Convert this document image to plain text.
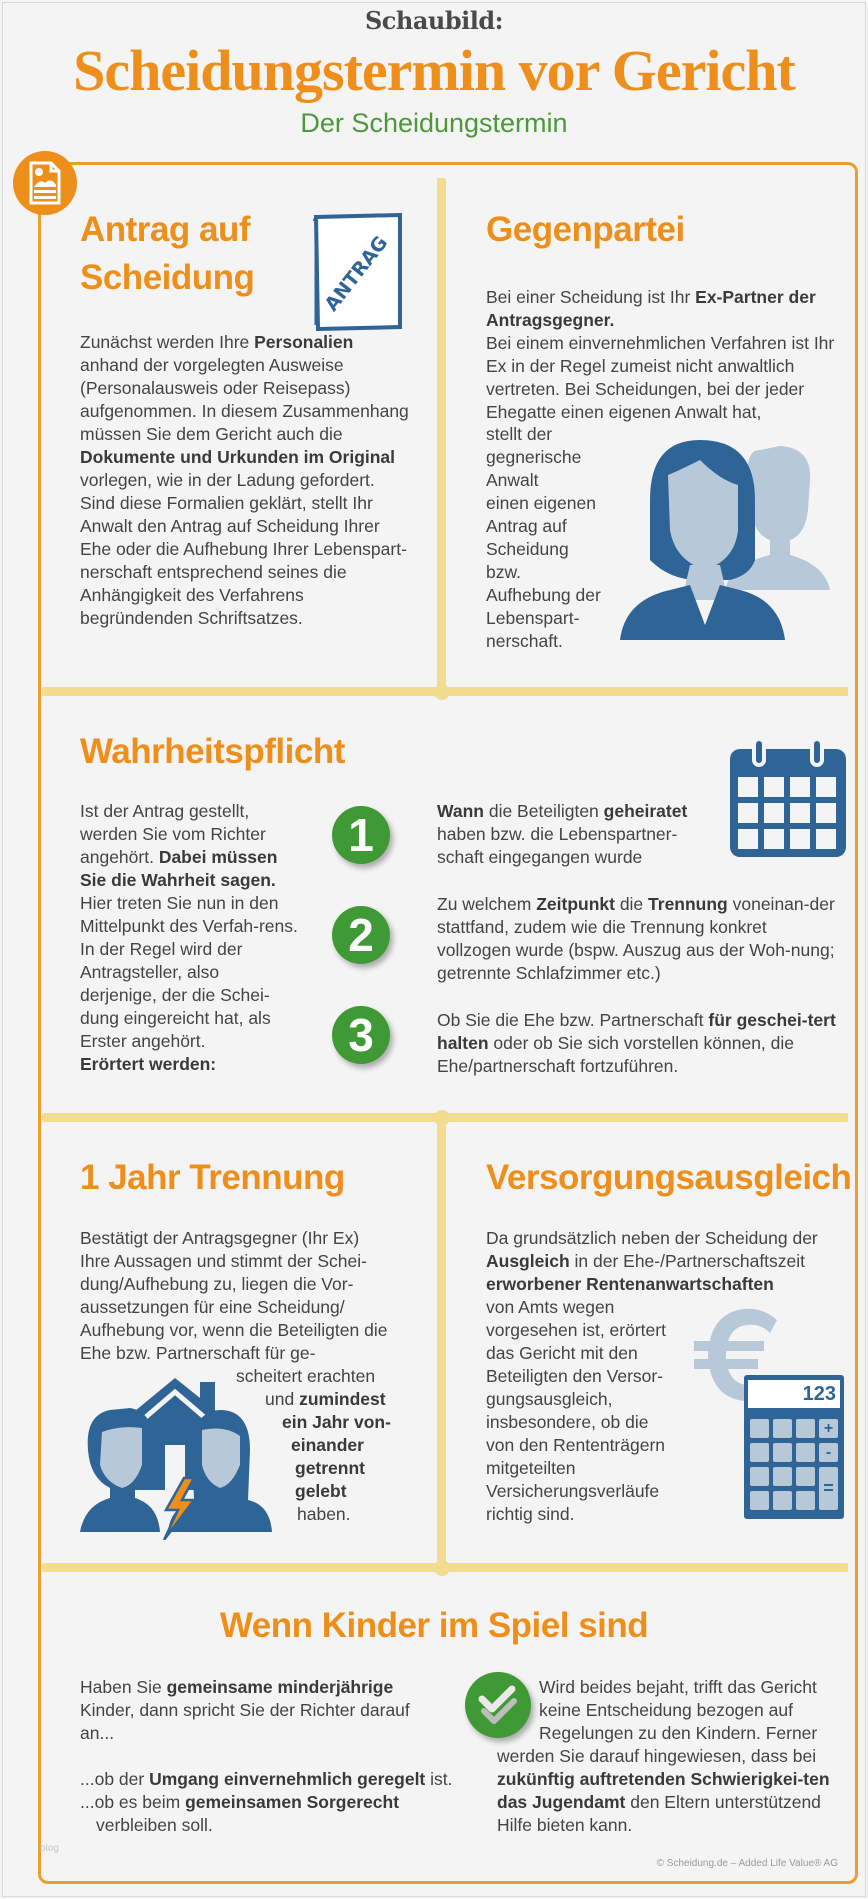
Schaubild:
Scheidungstermin vor Gericht
Der Scheidungstermin
Antrag auf
Scheidung	ANTRAG
Zunächst werden Ihre Personalien anhand der vorgelegten Ausweise (Personalausweis oder Reisepass) aufgenommen. In diesem Zusammenhang müssen Sie dem Gericht auch die Dokumente und Urkunden im Original vorlegen, wie in der Ladung gefordert. Sind diese Formalien geklärt, stellt Ihr Anwalt den Antrag auf Scheidung Ihrer Ehe oder die Aufhebung Ihrer Lebenspart-nerschaft entsprechend seines die Anhängigkeit des Verfahrens begründenden Schriftsatzes.
Gegenpartei
Bei einer Scheidung ist Ihr Ex-Partner der Antragsgegner.
Bei einem einvernehmlichen Verfahren ist Ihr Ex in der Regel zumeist nicht anwaltlich vertreten. Bei Scheidungen, bei der jeder Ehegatte einen eigenen Anwalt hat,
stellt der
gegnerische
Anwalt
einen eigenen
Antrag auf
Scheidung
bzw.
Aufhebung der
Lebenspart-
nerschaft.
Wahrheitspflicht
Ist der Antrag gestellt, werden Sie vom Richter angehört. Dabei müssen Sie die Wahrheit sagen. Hier treten Sie nun in den Mittelpunkt des Verfah-rens. In der Regel wird der Antragsteller, also derjenige, der die Schei-dung eingereicht hat, als Erster angehört.
Erörtert werden:
1
2
3
Wann die Beteiligten geheiratet haben bzw. die Lebenspartner-schaft eingegangen wurde
Zu welchem Zeitpunkt die Trennung voneinan-der stattfand, zudem wie die Trennung konkret vollzogen wurde (bspw. Auszug aus der Woh-nung; getrennte Schlafzimmer etc.)
Ob Sie die Ehe bzw. Partnerschaft für geschei-tert halten oder ob Sie sich vorstellen können, die Ehe/partnerschaft fortzuführen.
1 Jahr Trennung
Bestätigt der Antragsgegner (Ihr Ex) Ihre Aussagen und stimmt der Schei-dung/Aufhebung zu, liegen die Vor-aussetzungen für eine Scheidung/ Aufhebung vor, wenn die Beteiligten die Ehe bzw. Partnerschaft für ge-
scheitert erachten
und zumindest
ein Jahr von-
einander
getrennt
gelebt
haben.
Versorgungsausgleich
Da grundsätzlich neben der Scheidung der
Ausgleich in der Ehe-/Partnerschaftszeit
erworbener Rentenanwartschaften
von Amts wegen
vorgesehen ist, erörtert
das Gericht mit den
Beteiligten den Versor-
gungsausgleich,
insbesondere, ob die
von den Rententrägern
mitgeteilten
Versicherungsverläufe
richtig sind.
123
+
-
=
Wenn Kinder im Spiel sind
Haben Sie gemeinsame minderjährige Kinder, dann spricht Sie der Richter darauf an...
...ob der Umgang einvernehmlich geregelt ist.
...ob es beim gemeinsamen Sorgerecht
verbleiben soll.
Wird beides bejaht, trifft das Gericht
keine Entscheidung bezogen auf
Regelungen zu den Kindern. Ferner
werden Sie darauf hingewiesen, dass bei
zukünftig auftretenden Schwierigkei-ten das Jugendamt den Eltern unterstützend Hilfe bieten kann.
blog
© Scheidung.de – Added Life Value® AG
